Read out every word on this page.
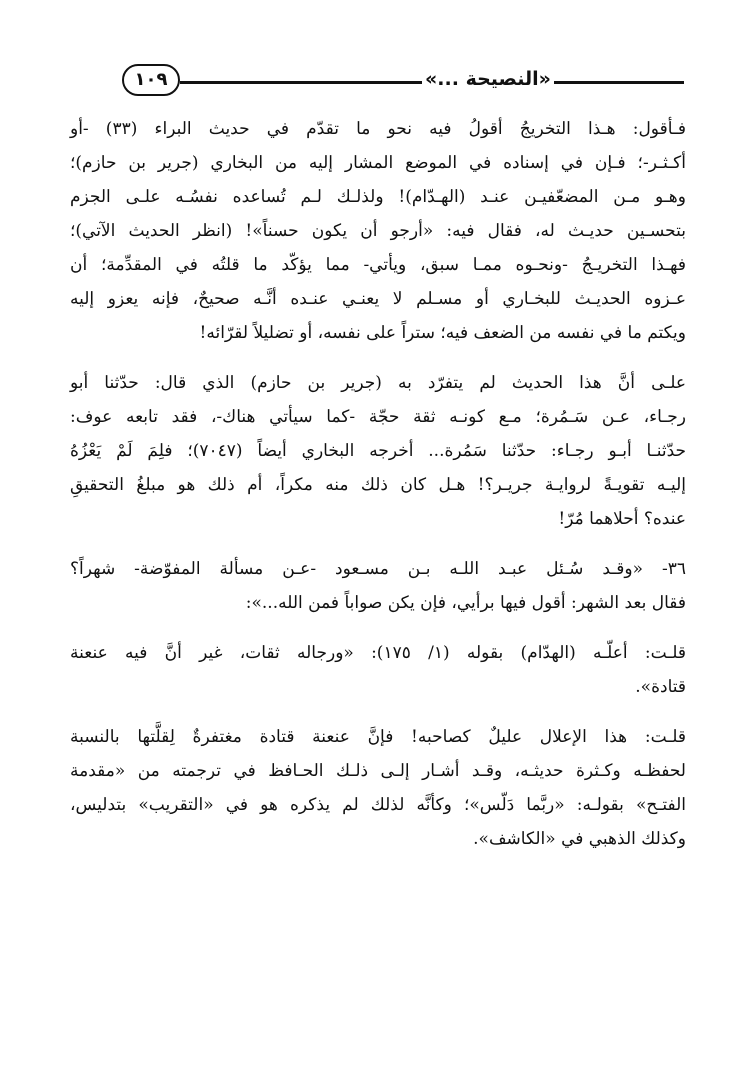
«النصيحة ...»
١٠٩
فـأقول: هـذا التخريجُ أقولُ فيه نحو ما تقدّم في حديث البراء (٣٣) -أو
أكـثـر-؛ فـإن في إسناده في الموضع المشار إليه من البخاري (جرير بن حازم)؛
وهـو مـن المضعّفيـن عنـد (الهـدّام)! ولذلـك لـم تُساعده نفسُـه علـى الجزم
بتحسـين حديـث له، فقال فيه: «أرجو أن يكون حسناً»! (انظر الحديث الآتي)؛
فهـذا التخريـجُ -ونحـوه ممـا سبق، ويأتي- مما يؤكّد ما قلتُه في المقدِّمة؛ أن
عـزوه الحديـث للبخـاري أو مسـلم لا يعنـي عنـده أنَّـه صحيحٌ، فإنه يعزو إليه
ويكتم ما في نفسه من الضعف فيه؛ ستراً على نفسه، أو تضليلاً لقرّائه!
علـى أنَّ هذا الحديث لم يتفرّد به (جرير بن حازم) الذي قال: حدّثنا أبو
رجـاء، عـن سَـمُرة؛ مـع كونـه ثقة حجّة -كما سيأتي هناك-، فقد تابعه عوف:
حدّثنـا أبـو رجـاء: حدّثنا سَمُرة... أخرجه البخاري أيضاً (٧٠٤٧)؛ فلِمَ لَمْ يَعْزُهُ
إليـه تقويـةً لروايـة جريـر؟! هـل كان ذلك منه مكراً، أم ذلك هو مبلغُ التحقيقِ
عنده؟ أحلاهما مُرّ!
٣٦- «وقـد سُـئل عبـد اللـه بـن مسـعود -عـن مسألة المفوّضة- شهراً؟
فقال بعد الشهر: أقول فيها برأيي، فإن يكن صواباً فمن الله...»:
قلـت: أعلّـه (الهدّام) بقوله (١/ ١٧٥): «ورجاله ثقات، غير أنَّ فيه عنعنة
قتادة».
قلـت: هذا الإعلال عليلٌ كصاحبه! فإنَّ عنعنة قتادة مغتفرةٌ لِقلَّتها بالنسبة
لحفظـه وكـثرة حديثـه، وقـد أشـار إلـى ذلـك الحـافظ في ترجمته من «مقدمة
الفتـح» بقولـه: «ربَّما دَلّس»؛ وكأنَّه لذلك لم يذكره هو في «التقريب» بتدليس،
وكذلك الذهبي في «الكاشف».
